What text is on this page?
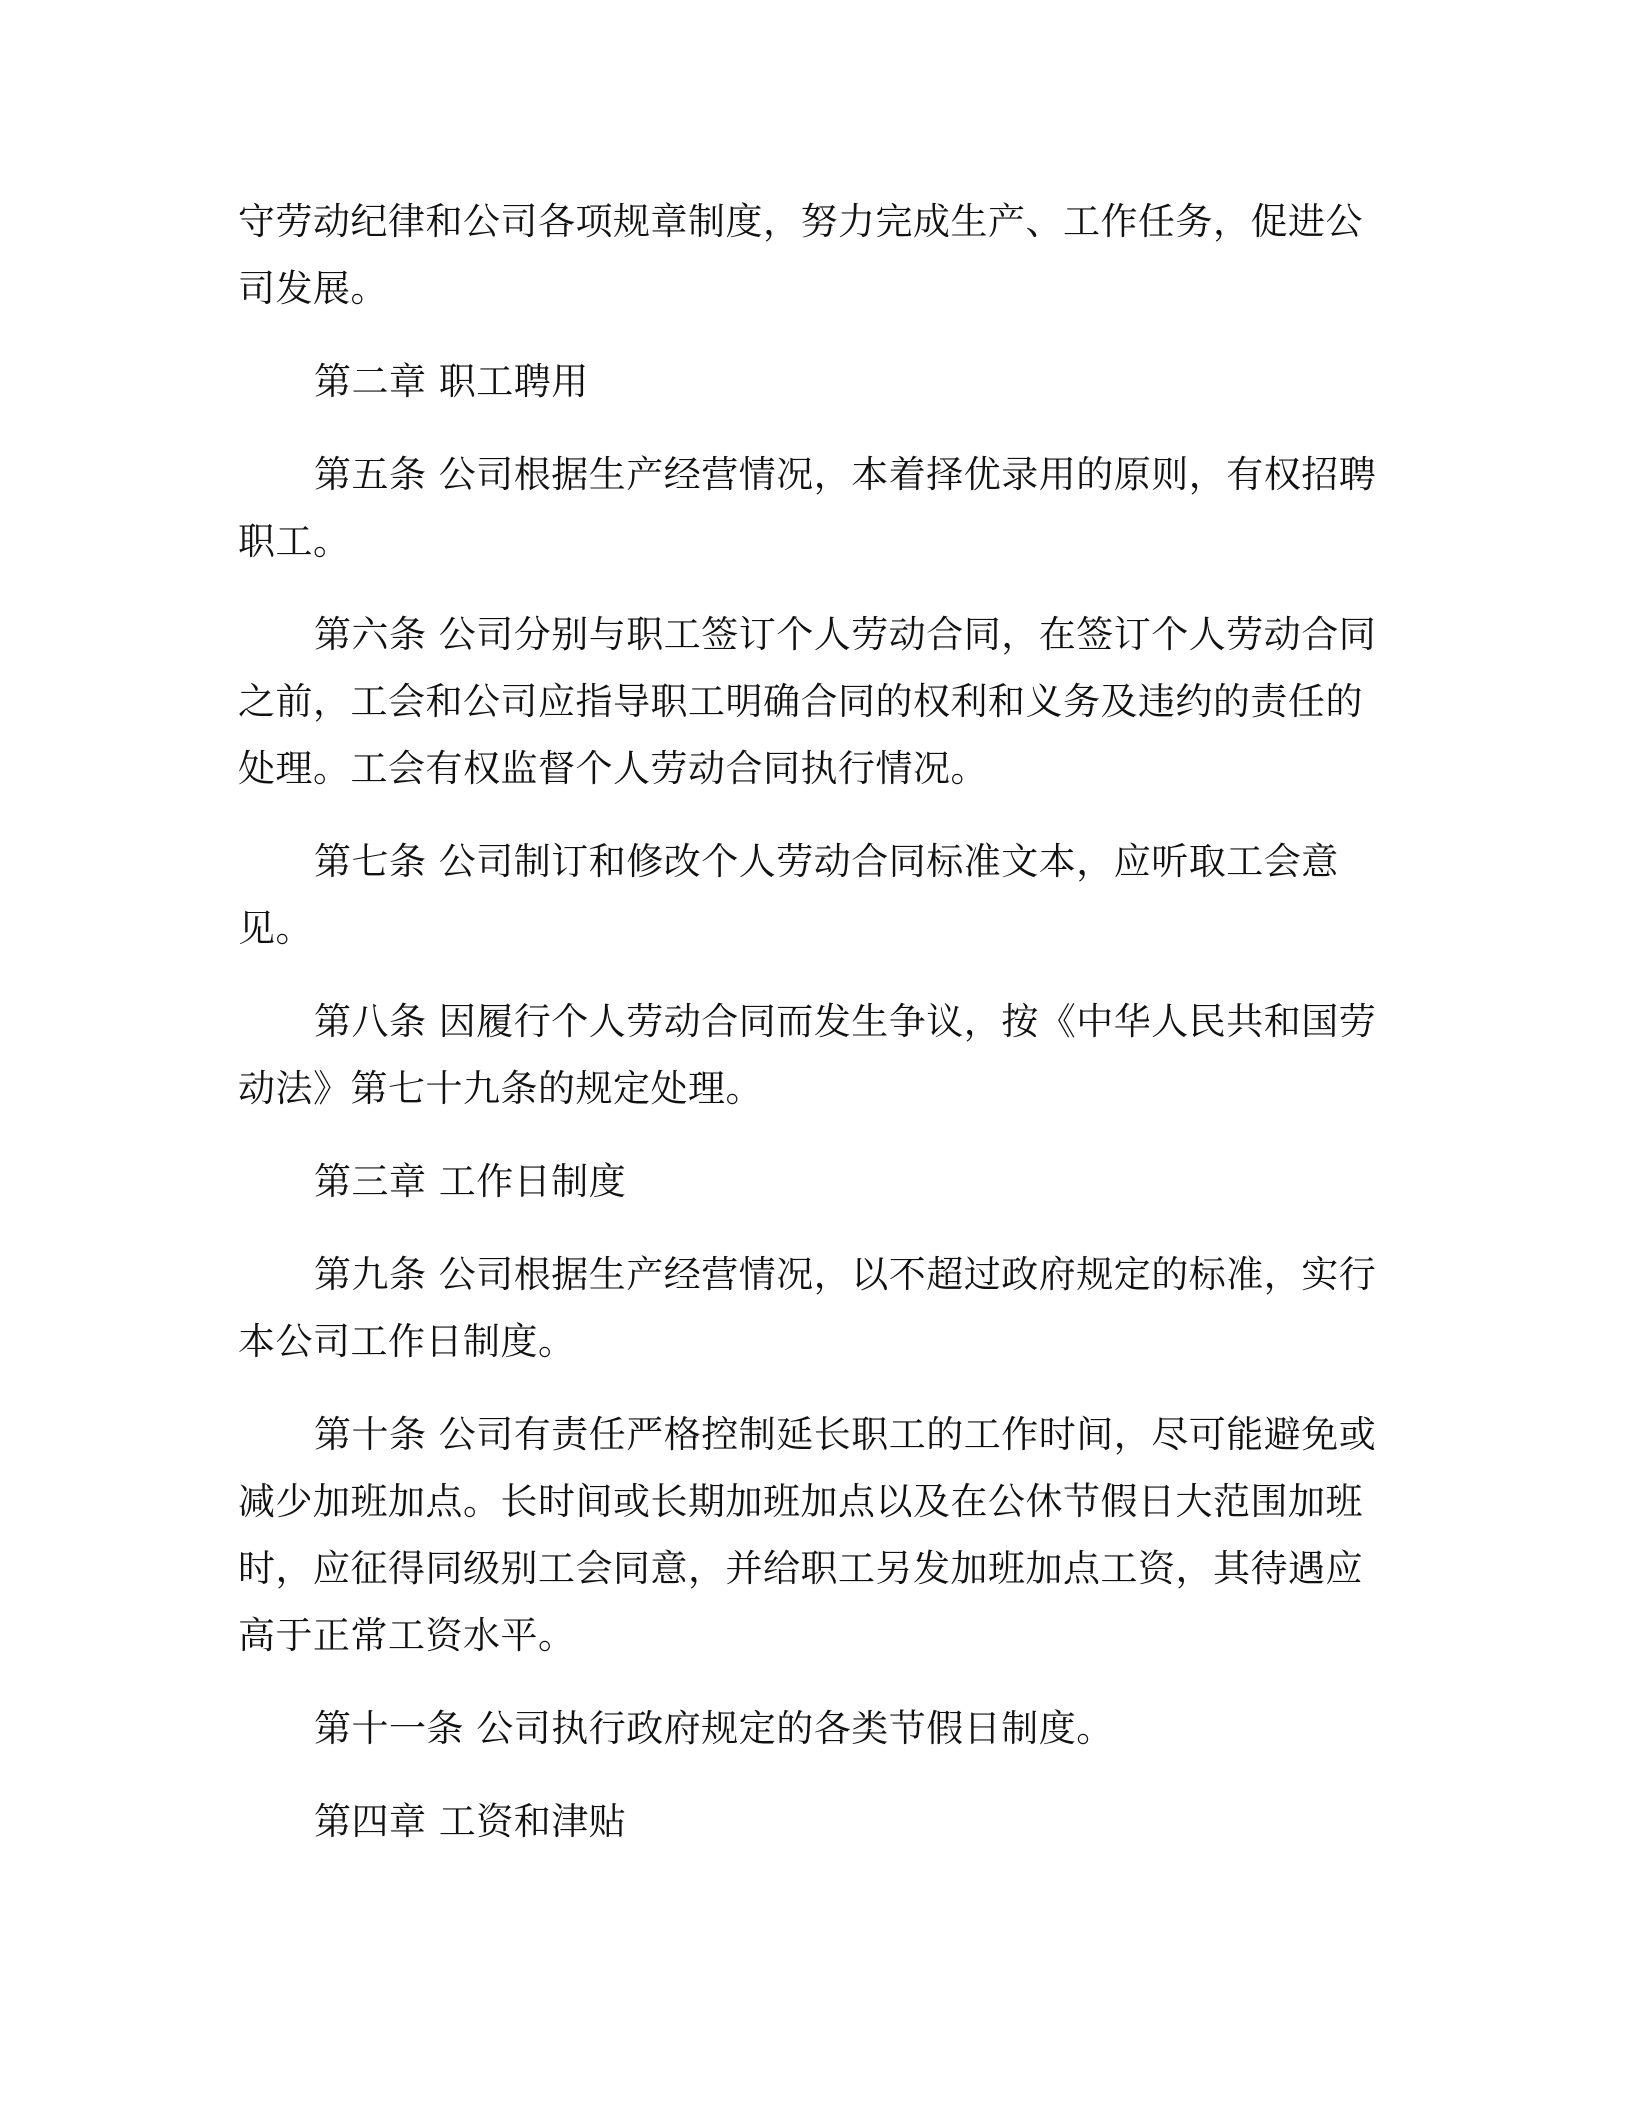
守劳动纪律和公司各项规章制度，努力完成生产、工作任务，促进公司发展。

第二章 职工聘用

第五条 公司根据生产经营情况，本着择优录用的原则，有权招聘职工。

第六条 公司分别与职工签订个人劳动合同，在签订个人劳动合同之前，工会和公司应指导职工明确合同的权利和义务及违约的责任的处理。工会有权监督个人劳动合同执行情况。

第七条 公司制订和修改个人劳动合同标准文本，应听取工会意见。

第八条 因履行个人劳动合同而发生争议，按《中华人民共和国劳动法》第七十九条的规定处理。

第三章 工作日制度

第九条 公司根据生产经营情况，以不超过政府规定的标准，实行本公司工作日制度。

第十条 公司有责任严格控制延长职工的工作时间，尽可能避免或减少加班加点。长时间或长期加班加点以及在公休节假日大范围加班时，应征得同级别工会同意，并给职工另发加班加点工资，其待遇应高于正常工资水平。

第十一条 公司执行政府规定的各类节假日制度。

第四章 工资和津贴
